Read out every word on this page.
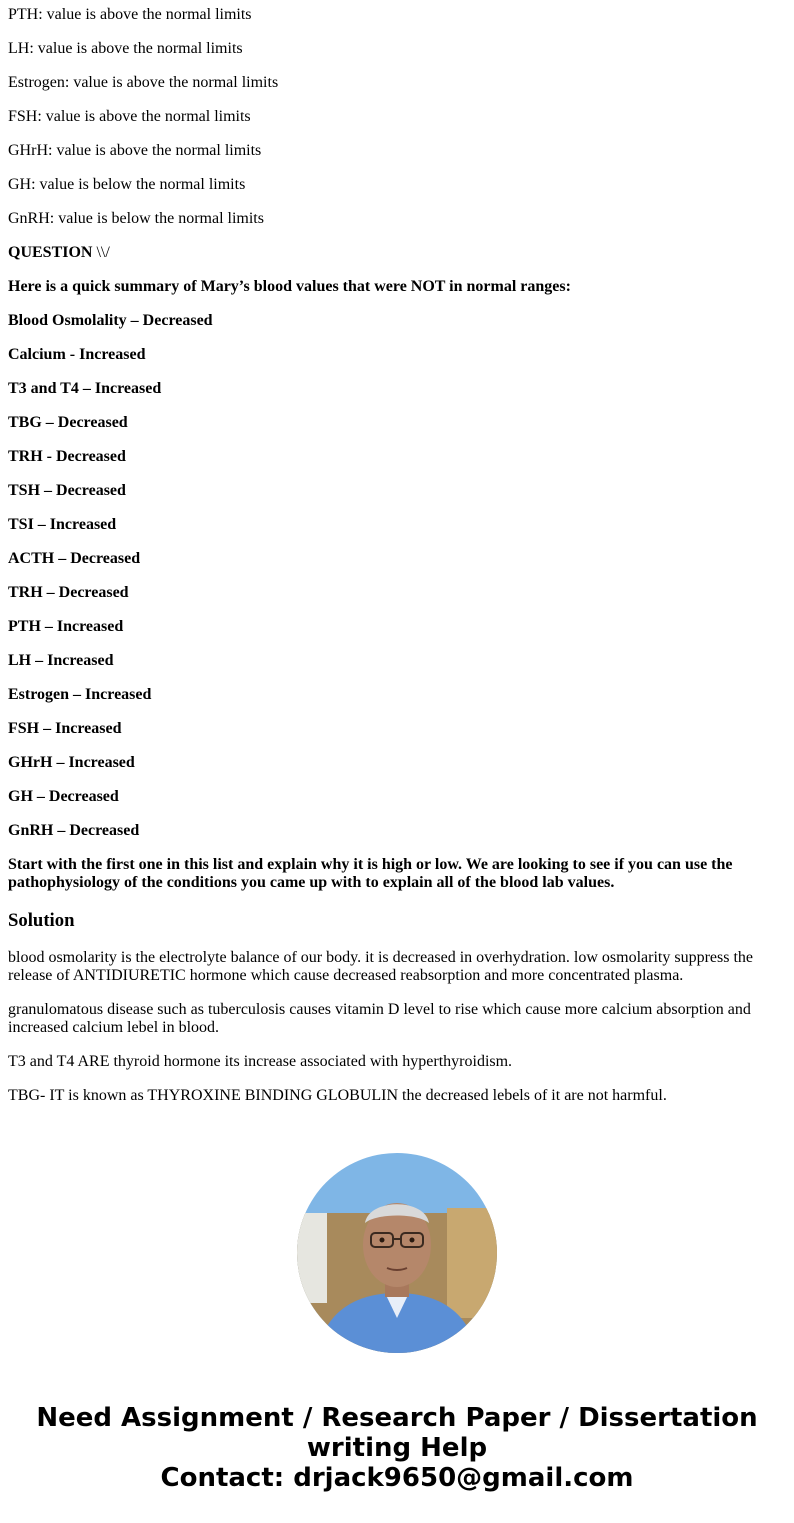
PTH: value is above the normal limits

LH: value is above the normal limits

Estrogen: value is above the normal limits

FSH: value is above the normal limits

GHrH: value is above the normal limits

GH: value is below the normal limits

GnRH: value is below the normal limits

QUESTION \\/

Here is a quick summary of Mary’s blood values that were NOT in normal ranges:

Blood Osmolality – Decreased

Calcium - Increased

T3 and T4 – Increased

TBG – Decreased

TRH - Decreased

TSH – Decreased

TSI – Increased

ACTH – Decreased

TRH – Decreased

PTH – Increased

LH – Increased

Estrogen – Increased

FSH – Increased

GHrH – Increased

GH – Decreased

GnRH – Decreased

Start with the first one in this list and explain why it is high or low. We are looking to see if you can use the pathophysiology of the conditions you came up with to explain all of the blood lab values.

Solution

blood osmolarity is the electrolyte balance of our body. it is decreased in overhydration. low osmolarity suppress the release of ANTIDIURETIC hormone which cause decreased reabsorption and more concentrated plasma.

granulomatous disease such as tuberculosis causes vitamin D level to rise which cause more calcium absorption and increased calcium lebel in blood.

T3 and T4 ARE thyroid hormone its increase associated with hyperthyroidism.

TBG- IT is known as THYROXINE BINDING GLOBULIN the decreased lebels of it are not harmful.

Need Assignment / Research Paper / Dissertation
writing Help
Contact: drjack9650@gmail.com
